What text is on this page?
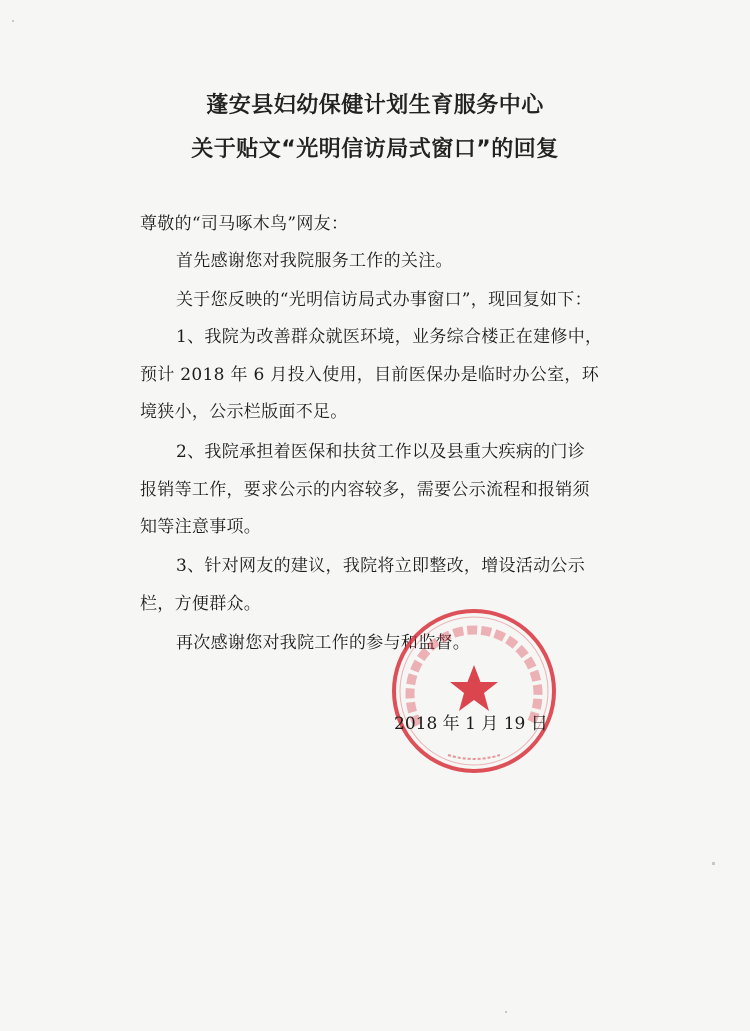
蓬安县妇幼保健计划生育服务中心
关于贴文“光明信访局式窗口”的回复
尊敬的“司马啄木鸟”网友：
首先感谢您对我院服务工作的关注。
关于您反映的“光明信访局式办事窗口”，现回复如下：
1、我院为改善群众就医环境，业务综合楼正在建修中，
预计 2018 年 6 月投入使用，目前医保办是临时办公室，环
境狭小，公示栏版面不足。
2、我院承担着医保和扶贫工作以及县重大疾病的门诊
报销等工作，要求公示的内容较多，需要公示流程和报销须
知等注意事项。
3、针对网友的建议，我院将立即整改，增设活动公示
栏，方便群众。
再次感谢您对我院工作的参与和监督。
2018 年 1 月 19 日
